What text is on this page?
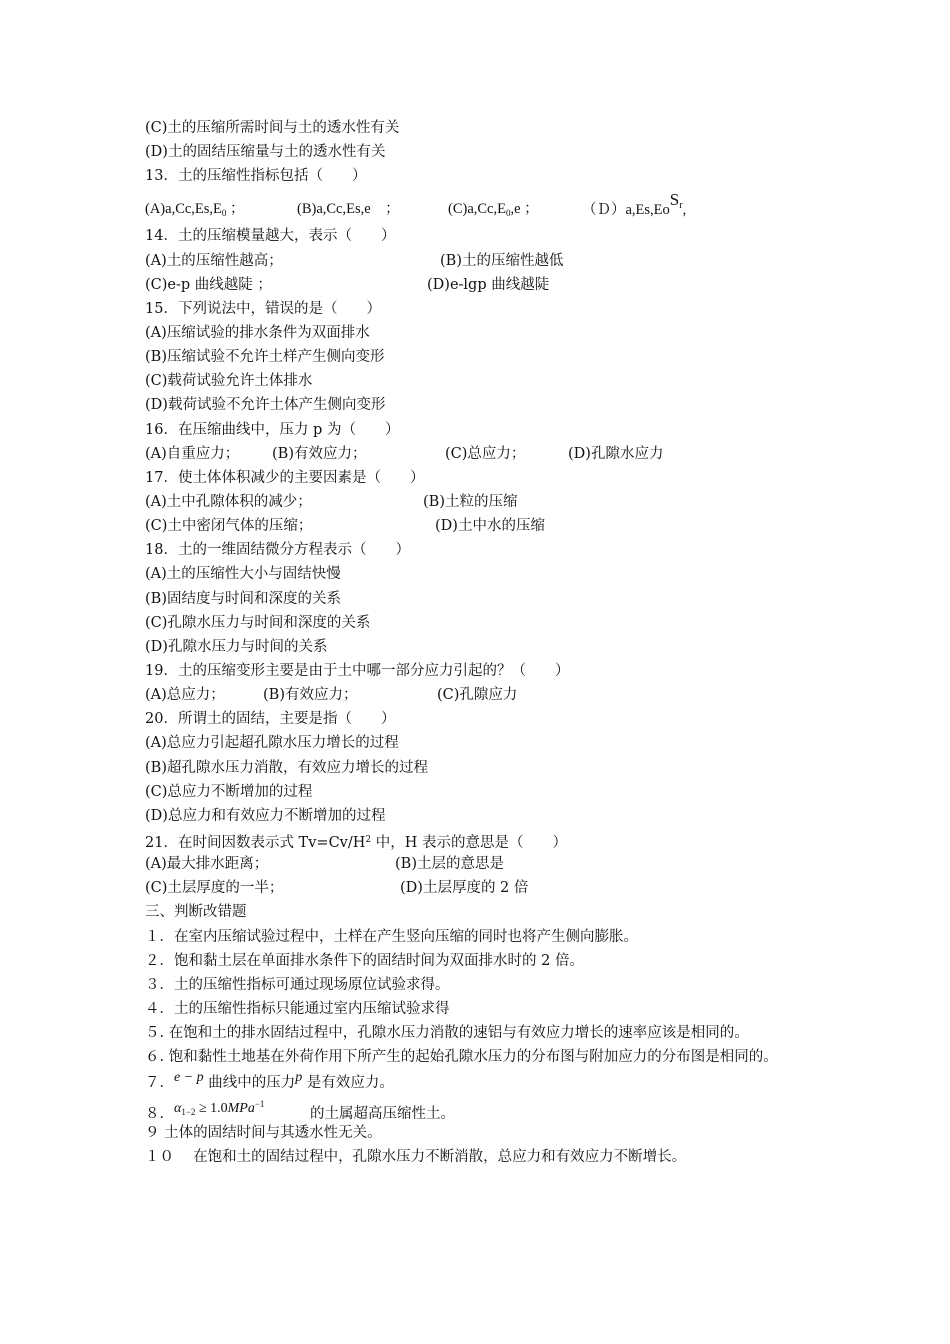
(C)土的压缩所需时间与土的透水性有关
(D)土的固结压缩量与土的透水性有关
13．土的压缩性指标包括（　　）
$(A)a,Cc,Es,E_0$ ；	(B)a,Cc,Es,e　；	$(C)a,Cc,E_0,e$ ；	（Ｄ）a,Es,EoS$_r$,
14．土的压缩模量越大，表示（　　）
(A)土的压缩性越高；	(B)土的压缩性越低
(C)e-p 曲线越陡 ；	(D)e-lgp 曲线越陡
15．下列说法中，错误的是（　　）
(A)压缩试验的排水条件为双面排水
(B)压缩试验不允许土样产生侧向变形
(C)载荷试验允许土体排水
(D)载荷试验不允许土体产生侧向变形
16．在压缩曲线中，压力 p 为（　　）
(A)自重应力； (B)有效应力；	(C)总应力；	(D)孔隙水应力
17．使土体体积减少的主要因素是（　　）
(A)土中孔隙体积的减少；	(B)土粒的压缩
(C)土中密闭气体的压缩；	(D)土中水的压缩
18．土的一维固结微分方程表示（　　）
(A)土的压缩性大小与固结快慢
(B)固结度与时间和深度的关系
(C)孔隙水压力与时间和深度的关系
(D)孔隙水压力与时间的关系
19．土的压缩变形主要是由于土中哪一部分应力引起的？（　　）
(A)总应力；	(B)有效应力；	(C)孔隙应力
20．所谓土的固结，主要是指（　　）
(A)总应力引起超孔隙水压力增长的过程
(B)超孔隙水压力消散，有效应力增长的过程
(C)总应力不断增加的过程
(D)总应力和有效应力不断增加的过程
21．在时间因数表示式 $Tv=Cv/H^2$ 中，H 表示的意思是（　　）
(A)最大排水距离；	(B)土层的意思是
(C)土层厚度的一半；	(D)土层厚度的 2 倍
三、判断改错题
１．在室内压缩试验过程中，土样在产生竖向压缩的同时也将产生侧向膨胀。
２．饱和黏土层在单面排水条件下的固结时间为双面排水时的 2 倍。
３．土的压缩性指标可通过现场原位试验求得。
４．土的压缩性指标只能通过室内压缩试验求得
５. 在饱和土的排水固结过程中，孔隙水压力消散的速铝与有效应力增长的速率应该是相同的。
６. 饱和黏性土地基在外荷作用下所产生的起始孔隙水压力的分布图与附加应力的分布图是相同的。
７．e − p 曲线中的压力p 是有效应力。
８．$\alpha_{1-2} \ge 1.0MPa^{-1}$的土属超高压缩性土。
９ 土体的固结时间与其透水性无关。
１０　 在饱和土的固结过程中，孔隙水压力不断消散，总应力和有效应力不断增长。
